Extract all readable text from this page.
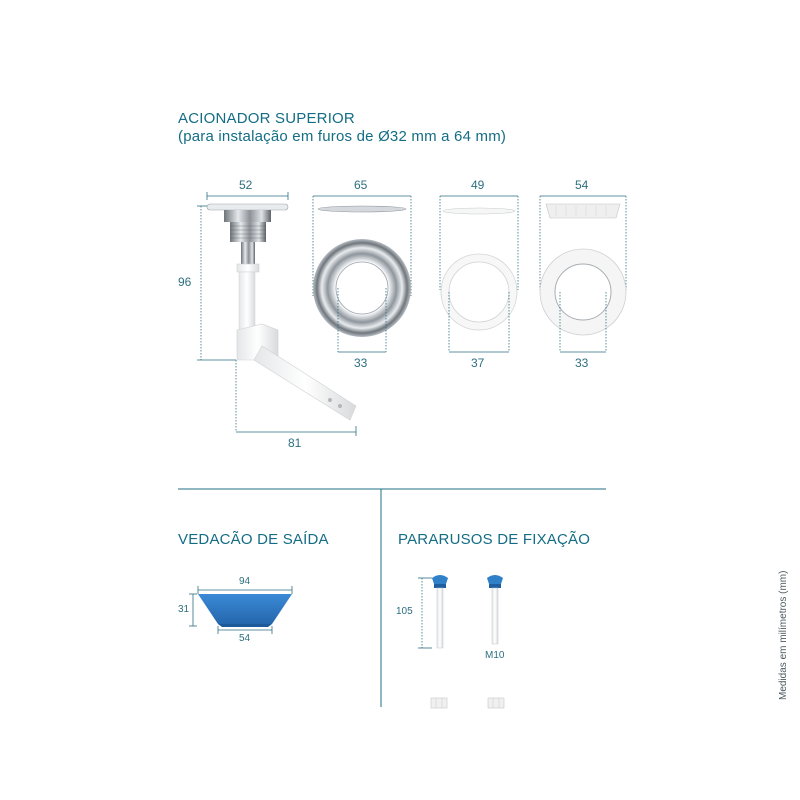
ACIONADOR SUPERIOR
(para instalação em furos de Ø32 mm a 64 mm)
VEDACÃO DE SAÍDA	PARARUSOS DE FIXAÇÃO
52
96
81
65
33
49
37
54
33
94
31
54
105
M10	Medidas em milímetros (mm)
